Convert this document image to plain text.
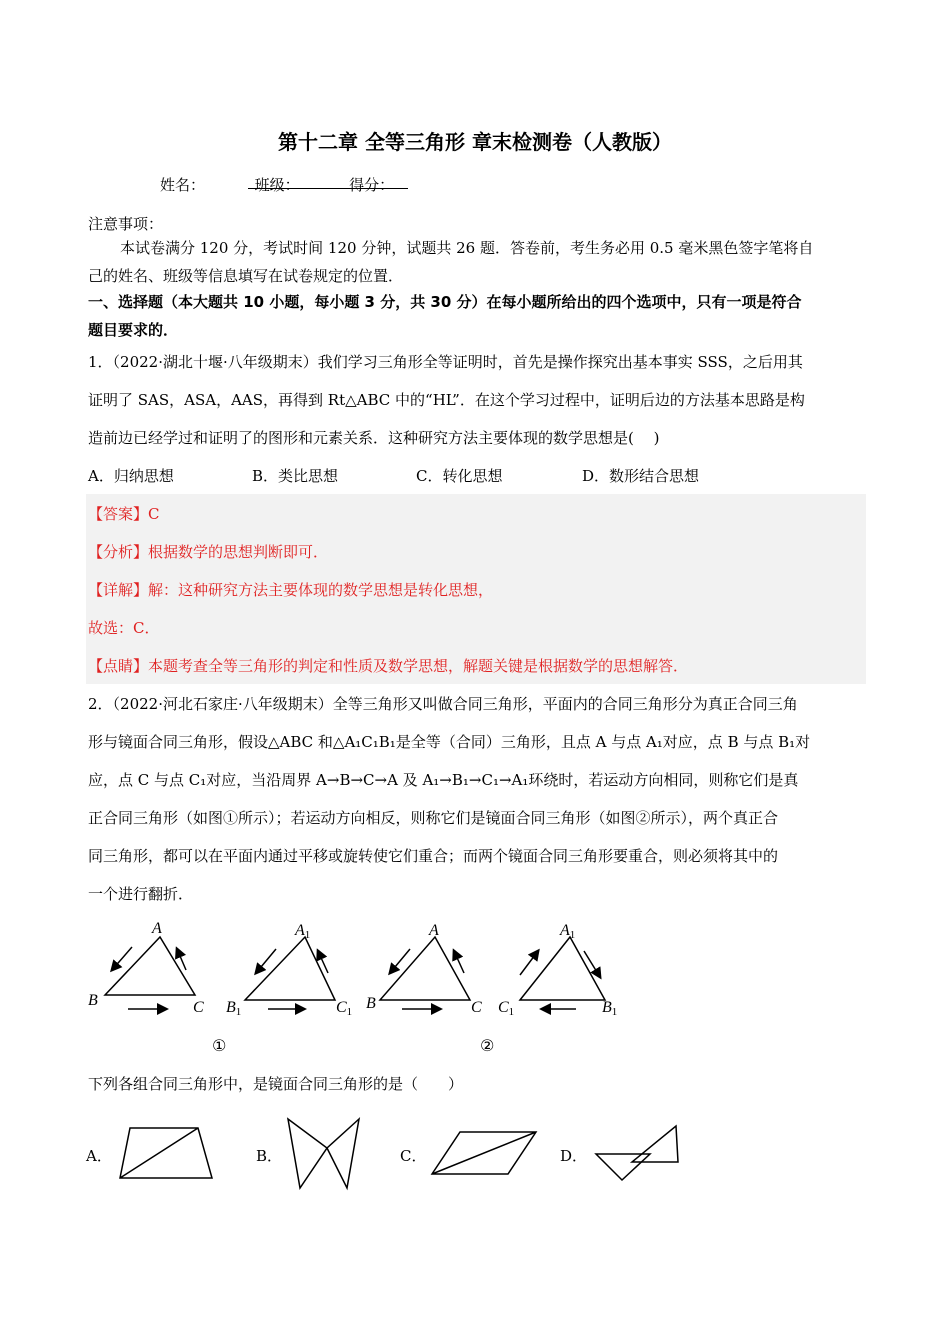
第十二章 全等三角形 章末检测卷（人教版）
姓名：	班级：	得分：
注意事项：
本试卷满分 120 分，考试时间 120 分钟，试题共 26 题．答卷前，考生务必用 0.5 毫米黑色签字笔将自
己的姓名、班级等信息填写在试卷规定的位置．
一、选择题（本大题共 10 小题，每小题 3 分，共 30 分）在每小题所给出的四个选项中，只有一项是符合
题目要求的．
1．（2022·湖北十堰·八年级期末）我们学习三角形全等证明时，首先是操作探究出基本事实 SSS，之后用其
证明了 SAS，ASA，AAS，再得到 Rt△ABC 中的“HL”．在这个学习过程中，证明后边的方法基本思路是构
造前边已经学过和证明了的图形和元素关系．这种研究方法主要体现的数学思想是(　 )
A．归纳思想	B．类比思想	C．转化思想	D．数形结合思想
【答案】C
【分析】根据数学的思想判断即可．
【详解】解：这种研究方法主要体现的数学思想是转化思想，
故选：C．
【点睛】本题考查全等三角形的判定和性质及数学思想，解题关键是根据数学的思想解答．
2．（2022·河北石家庄·八年级期末）全等三角形又叫做合同三角形，平面内的合同三角形分为真正合同三角
形与镜面合同三角形，假设△ABC 和△A₁C₁B₁是全等（合同）三角形，且点 A 与点 A₁对应，点 B 与点 B₁对
应，点 C 与点 C₁对应，当沿周界 A→B→C→A 及 A₁→B₁→C₁→A₁环绕时，若运动方向相同，则称它们是真
正合同三角形（如图①所示）；若运动方向相反，则称它们是镜面合同三角形（如图②所示），两个真正合
同三角形，都可以在平面内通过平移或旋转使它们重合；而两个镜面合同三角形要重合，则必须将其中的
一个进行翻折．
A
B	C
A1
B1	C1
A
B	C
A1
C1	B1
①	②
下列各组合同三角形中，是镜面合同三角形的是（　　）
A．	B．	C．	D．
